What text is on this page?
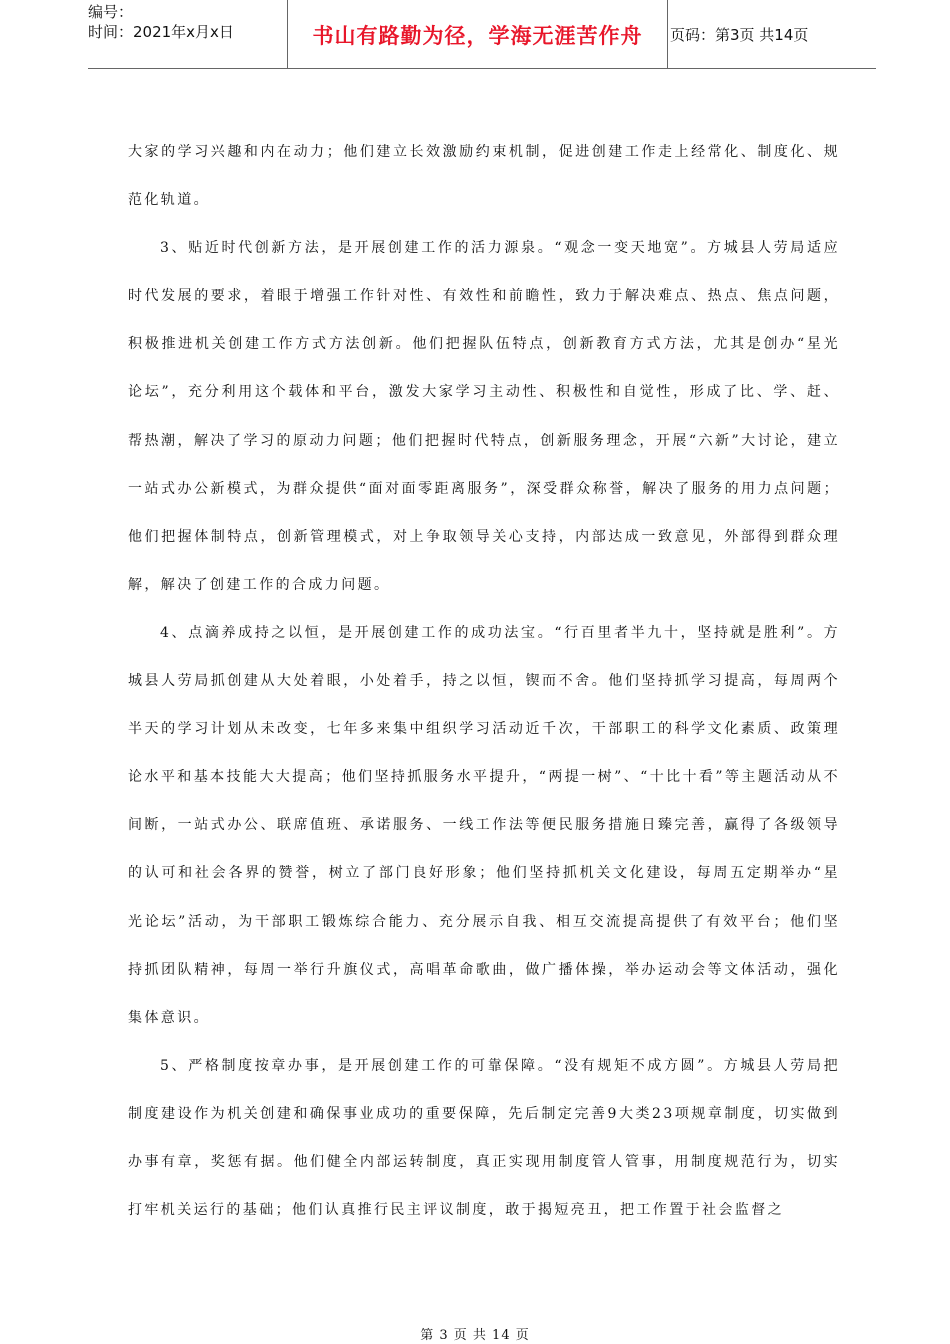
编号：
时间：2021年x月x日	书山有路勤为径，学海无涯苦作舟	页码：第3页 共14页

大家的学习兴趣和内在动力；他们建立长效激励约束机制，促进创建工作走上经常化、制度化、规范化轨道。

3、贴近时代创新方法，是开展创建工作的活力源泉。“观念一变天地宽”。方城县人劳局适应时代发展的要求，着眼于增强工作针对性、有效性和前瞻性，致力于解决难点、热点、焦点问题，积极推进机关创建工作方式方法创新。他们把握队伍特点，创新教育方式方法，尤其是创办“星光论坛”，充分利用这个载体和平台，激发大家学习主动性、积极性和自觉性，形成了比、学、赶、帮热潮，解决了学习的原动力问题；他们把握时代特点，创新服务理念，开展“六新”大讨论，建立一站式办公新模式，为群众提供“面对面零距离服务”，深受群众称誉，解决了服务的用力点问题；他们把握体制特点，创新管理模式，对上争取领导关心支持，内部达成一致意见，外部得到群众理解，解决了创建工作的合成力问题。

4、点滴养成持之以恒，是开展创建工作的成功法宝。“行百里者半九十，坚持就是胜利”。方城县人劳局抓创建从大处着眼，小处着手，持之以恒，锲而不舍。他们坚持抓学习提高，每周两个半天的学习计划从未改变，七年多来集中组织学习活动近千次，干部职工的科学文化素质、政策理论水平和基本技能大大提高；他们坚持抓服务水平提升，“两提一树”、“十比十看”等主题活动从不间断，一站式办公、联席值班、承诺服务、一线工作法等便民服务措施日臻完善，赢得了各级领导的认可和社会各界的赞誉，树立了部门良好形象；他们坚持抓机关文化建设，每周五定期举办“星光论坛”活动，为干部职工锻炼综合能力、充分展示自我、相互交流提高提供了有效平台；他们坚持抓团队精神，每周一举行升旗仪式，高唱革命歌曲，做广播体操，举办运动会等文体活动，强化集体意识。

5、严格制度按章办事，是开展创建工作的可靠保障。“没有规矩不成方圆”。方城县人劳局把制度建设作为机关创建和确保事业成功的重要保障，先后制定完善9大类23项规章制度，切实做到办事有章，奖惩有据。他们健全内部运转制度，真正实现用制度管人管事，用制度规范行为，切实打牢机关运行的基础；他们认真推行民主评议制度，敢于揭短亮丑，把工作置于社会监督之

第 3 页 共 14 页
